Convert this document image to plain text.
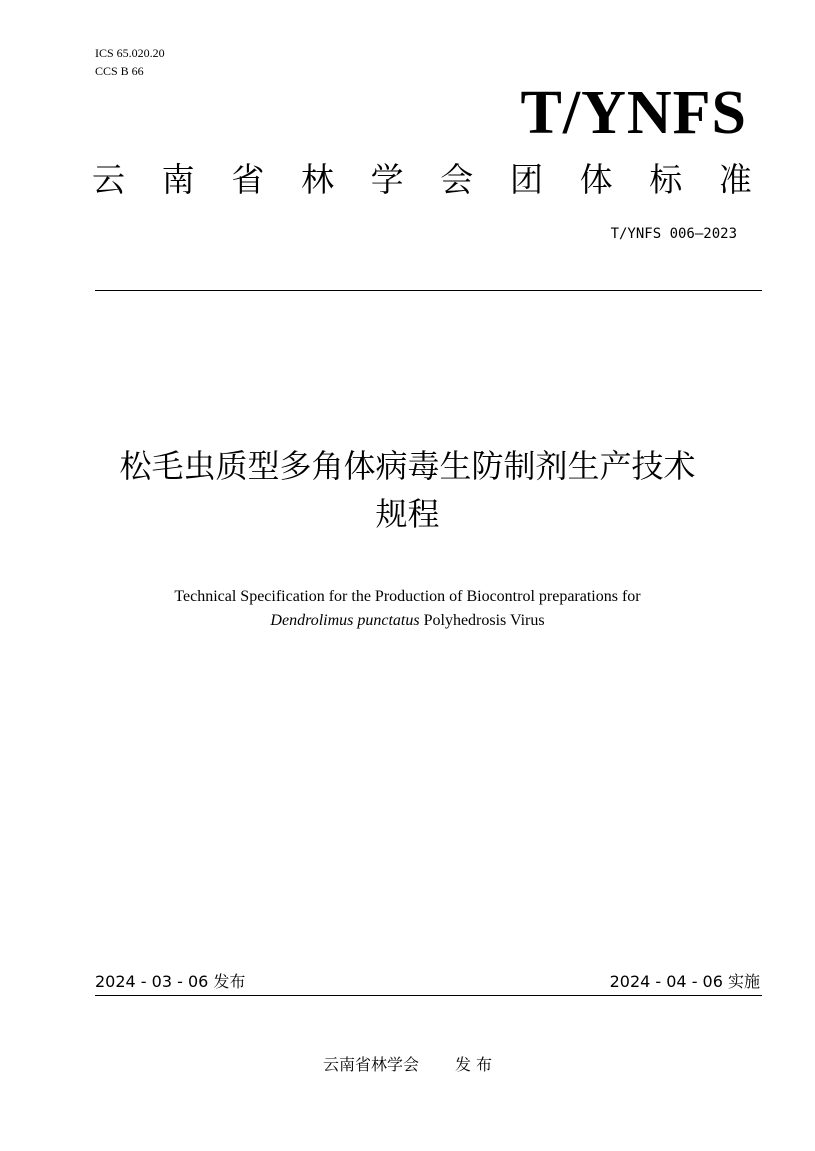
ICS 65.020.20
CCS B 66
T/YNFS
云 南 省 林 学 会 团 体 标 准
T/YNFS 006—2023
松毛虫质型多角体病毒生防制剂生产技术
规程
Technical Specification for the Production of Biocontrol preparations for
Dendrolimus punctatus Polyhedrosis Virus
2024 - 03 - 06 发布	2024 - 04 - 06 实施
云南省林学会 发 布
